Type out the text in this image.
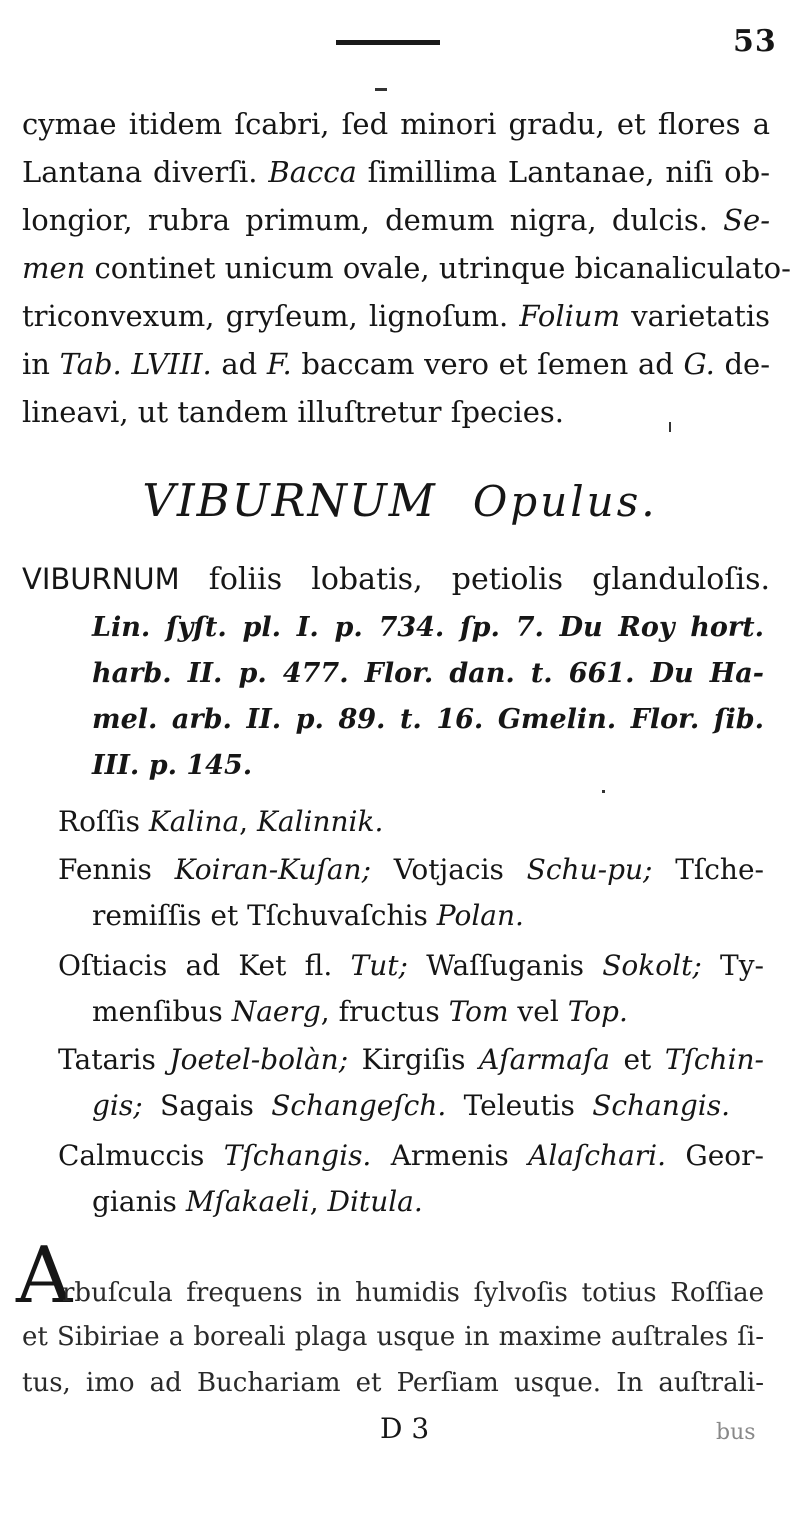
53
cymae itidem ſcabri, ſed minori gradu, et flores a
Lantana diverſi. Bacca ſimillima Lantanae, niſi ob-
longior, rubra primum, demum nigra, dulcis. Se-
men continet unicum ovale, utrinque bicanaliculato-
triconvexum, gryſeum, lignoſum. Folium varietatis
in Tab. LVIII. ad F. baccam vero et ſemen ad G. de-
lineavi, ut tandem illuſtretur ſpecies.
VIBURNUM Opulus.
VIBURNUM foliis lobatis, petiolis glanduloſis.
Lin. ſyſt. pl. I. p. 734. ſp. 7. Du Roy hort.
harb. II. p. 477. Flor. dan. t. 661. Du Ha-
mel. arb. II. p. 89. t. 16. Gmelin. Flor. ſib.
III. p. 145.
Roſſis Kalina, Kalinnik.
Fennis Koiran-Kuſan; Votjacis Schu-pu; Tſche-
remiſſis et Tſchuvaſchis Polan.
Oſtiacis ad Ket fl. Tut; Waſſuganis Sokolt; Ty-
menſibus Naerg, fructus Tom vel Top.
Tataris Joetel-bolàn; Kirgiſis Aſarmaſa et Tſchin-
gis; Sagais Schangeſch. Teleutis Schangis.
Calmuccis Tſchangis. Armenis Alaſchari. Geor-
gianis Mſakaeli, Ditula.
A
rbuſcula frequens in humidis ſylvoſis totius Roſſiae
et Sibiriae a boreali plaga usque in maxime auſtrales ſi-
tus, imo ad Buchariam et Perſiam usque. In auſtrali-
D 3	bus
